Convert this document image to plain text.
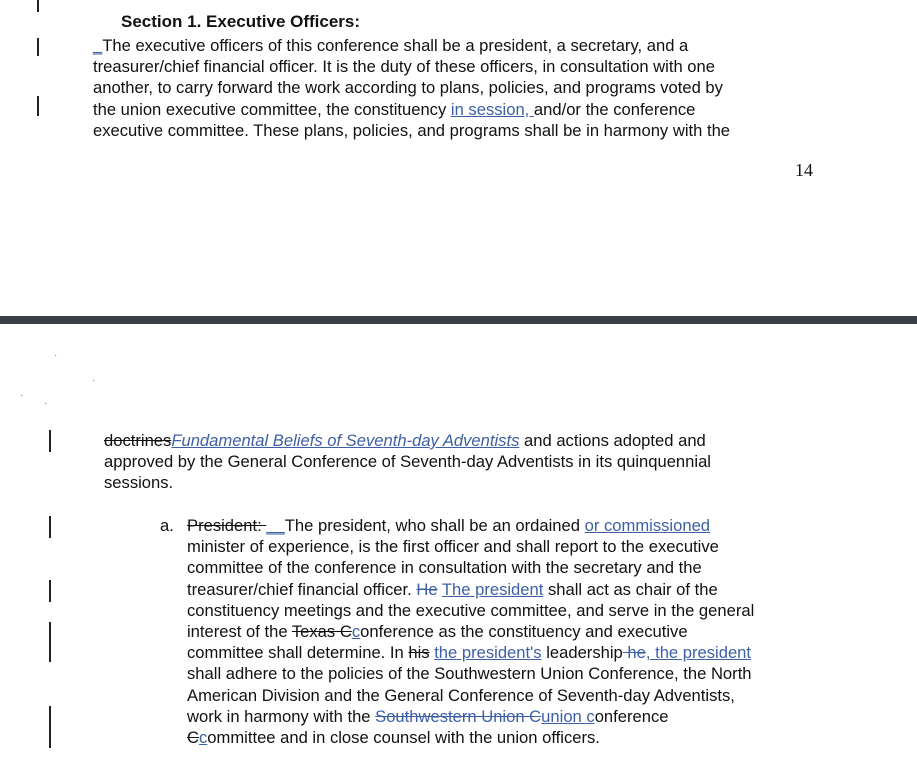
Section 1. Executive Officers:

_The executive officers of this conference shall be a president, a secretary, and a
treasurer/chief financial officer. It is the duty of these officers, in consultation with one
another, to carry forward the work according to plans, policies, and programs voted by
the union executive committee, the constituency in session, and/or the conference
executive committee. These plans, policies, and programs shall be in harmony with the

14
·
·
·
·

doctrinesFundamental Beliefs of Seventh-day Adventists and actions adopted and
approved by the General Conference of Seventh-day Adventists in its quinquennial
sessions.

a. President: __The president, who shall be an ordained or commissioned
minister of experience, is the first officer and shall report to the executive
committee of the conference in consultation with the secretary and the
treasurer/chief financial officer. He The president shall act as chair of the
constituency meetings and the executive committee, and serve in the general
interest of the Texas Cconference as the constituency and executive
committee shall determine. In his the president's leadership he, the president
shall adhere to the policies of the Southwestern Union Conference, the North
American Division and the General Conference of Seventh-day Adventists,
work in harmony with the Southwestern Union Cunion conference
Ccommittee and in close counsel with the union officers.
